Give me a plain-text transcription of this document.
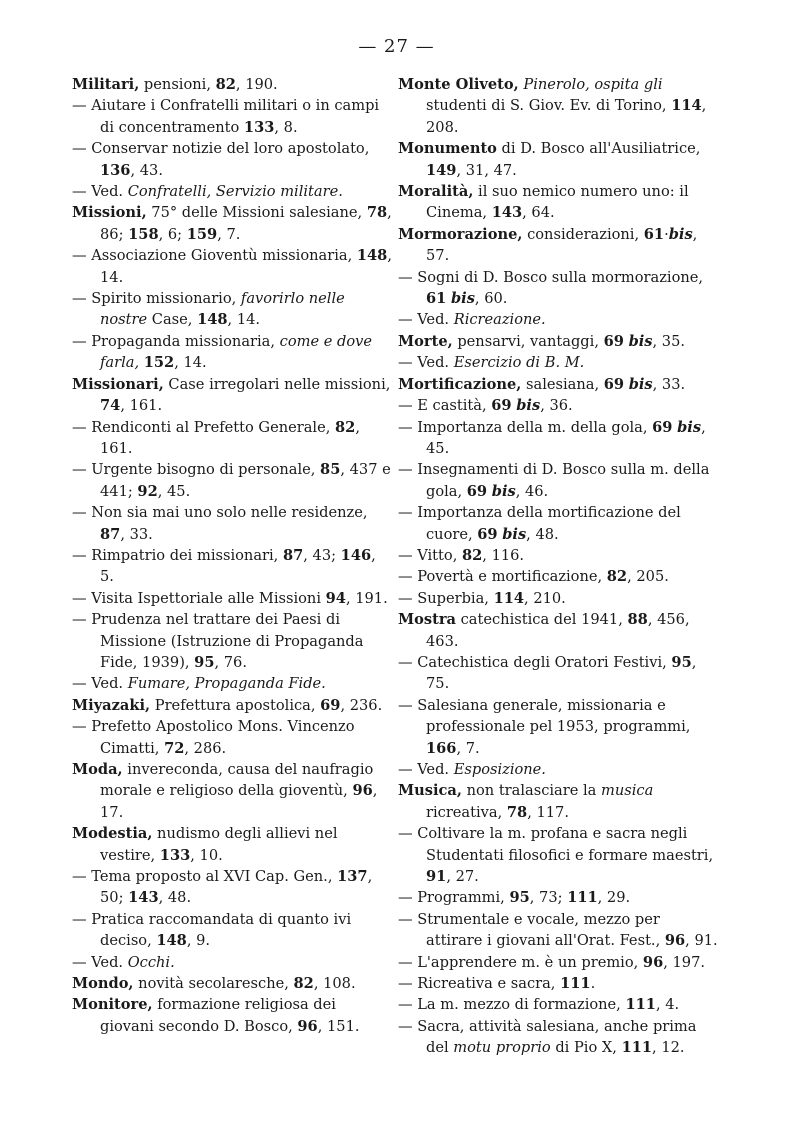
— 27 —

Militari, pensioni, 82, 190.

— Aiutare i Confratelli militari o in campi di concentramento 133, 8.

— Conservar notizie del loro apostolato, 136, 43.

— Ved. Confratelli, Servizio militare.

Missioni, 75° delle Missioni salesiane, 78, 86; 158, 6; 159, 7.

— Associazione Gioventù missionaria, 148, 14.

— Spirito missionario, favorirlo nelle nostre Case, 148, 14.

— Propaganda missionaria, come e dove farla, 152, 14.

Missionari, Case irregolari nelle missioni, 74, 161.

— Rendiconti al Prefetto Generale, 82, 161.

— Urgente bisogno di personale, 85, 437 e 441; 92, 45.

— Non sia mai uno solo nelle residenze, 87, 33.

— Rimpatrio dei missionari, 87, 43; 146, 5.

— Visita Ispettoriale alle Missioni 94, 191.

— Prudenza nel trattare dei Paesi di Missione (Istruzione di Propaganda Fide, 1939), 95, 76.

— Ved. Fumare, Propaganda Fide.

Miyazaki, Prefettura apostolica, 69, 236.

— Prefetto Apostolico Mons. Vincenzo Cimatti, 72, 286.

Moda, invereconda, causa del naufragio morale e religioso della gioventù, 96, 17.

Modestia, nudismo degli allievi nel vestire, 133, 10.

— Tema proposto al XVI Cap. Gen., 137, 50; 143, 48.

— Pratica raccomandata di quanto ivi deciso, 148, 9.

— Ved. Occhi.

Mondo, novità secolaresche, 82, 108.

Monitore, formazione religiosa dei giovani secondo D. Bosco, 96, 151.

Monte Oliveto, Pinerolo, ospita gli studenti di S. Giov. Ev. di Torino, 114, 208.

Monumento di D. Bosco all'Ausiliatrice, 149, 31, 47.

Moralità, il suo nemico numero uno: il Cinema, 143, 64.

Mormorazione, considerazioni, 61·bis, 57.

— Sogni di D. Bosco sulla mormorazione, 61 bis, 60.

— Ved. Ricreazione.

Morte, pensarvi, vantaggi, 69 bis, 35.

— Ved. Esercizio di B. M.

Mortificazione, salesiana, 69 bis, 33.

— E castità, 69 bis, 36.

— Importanza della m. della gola, 69 bis, 45.

— Insegnamenti di D. Bosco sulla m. della gola, 69 bis, 46.

— Importanza della mortificazione del cuore, 69 bis, 48.

— Vitto, 82, 116.

— Povertà e mortificazione, 82, 205.

— Superbia, 114, 210.

Mostra catechistica del 1941, 88, 456, 463.

— Catechistica degli Oratori Festivi, 95, 75.

— Salesiana generale, missionaria e professionale pel 1953, programmi, 166, 7.

— Ved. Esposizione.

Musica, non tralasciare la musica ricreativa, 78, 117.

— Coltivare la m. profana e sacra negli Studentati filosofici e formare maestri, 91, 27.

— Programmi, 95, 73; 111, 29.

— Strumentale e vocale, mezzo per attirare i giovani all'Orat. Fest., 96, 91.

— L'apprendere m. è un premio, 96, 197.

— Ricreativa e sacra, 111.

— La m. mezzo di formazione, 111, 4.

— Sacra, attività salesiana, anche prima del motu proprio di Pio X, 111, 12.
